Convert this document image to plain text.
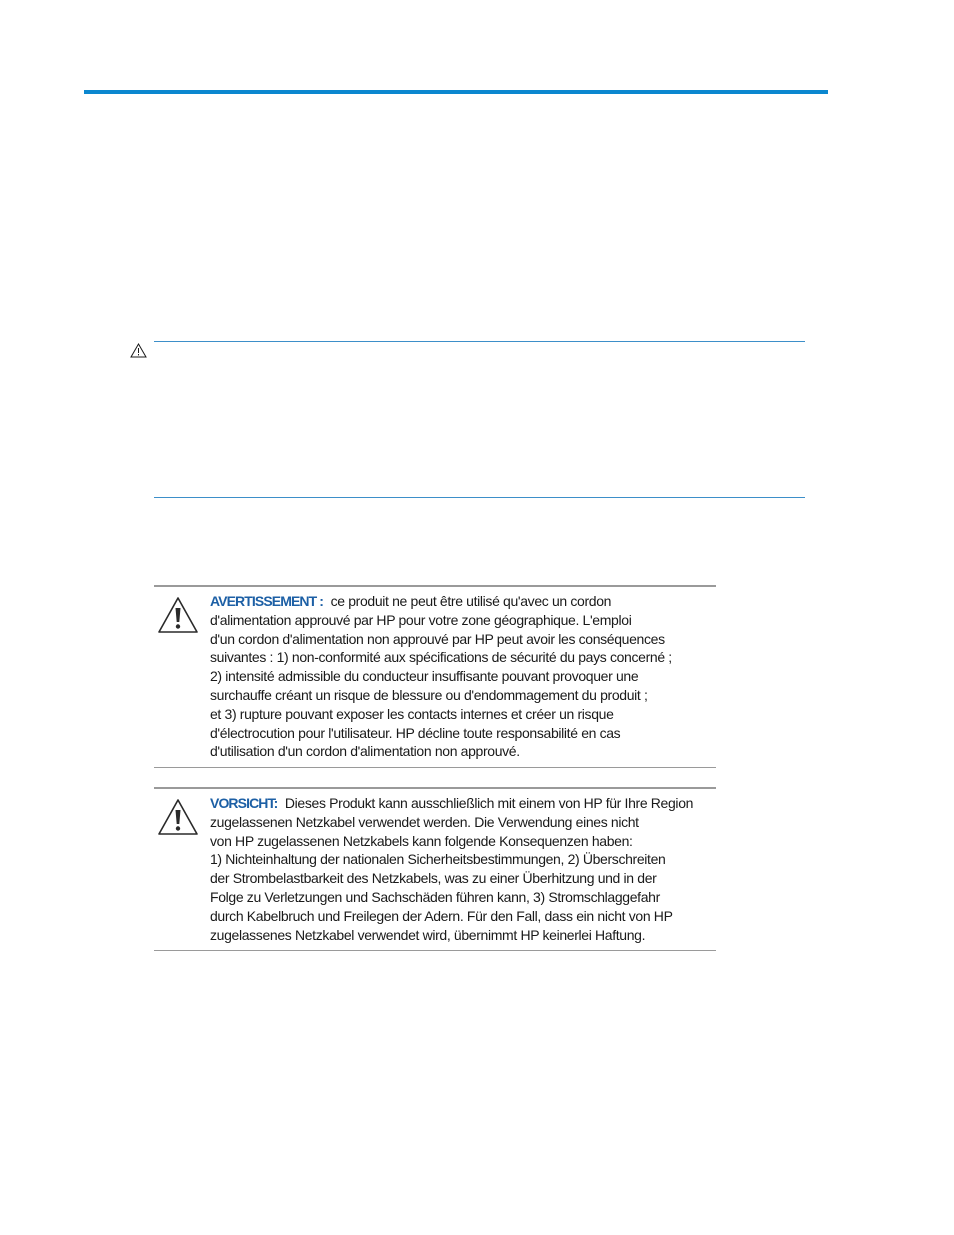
AVERTISSEMENT : ce produit ne peut être utilisé qu'avec un cordon
d'alimentation approuvé par HP pour votre zone géographique. L'emploi
d'un cordon d'alimentation non approuvé par HP peut avoir les conséquences
suivantes : 1) non-conformité aux spécifications de sécurité du pays concerné ;
2) intensité admissible du conducteur insuffisante pouvant provoquer une
surchauffe créant un risque de blessure ou d'endommagement du produit ;
et 3) rupture pouvant exposer les contacts internes et créer un risque
d'électrocution pour l'utilisateur. HP décline toute responsabilité en cas
d'utilisation d'un cordon d'alimentation non approuvé.
VORSICHT: Dieses Produkt kann ausschließlich mit einem von HP für Ihre Region
zugelassenen Netzkabel verwendet werden. Die Verwendung eines nicht
von HP zugelassenen Netzkabels kann folgende Konsequenzen haben:
1) Nichteinhaltung der nationalen Sicherheitsbestimmungen, 2) Überschreiten
der Strombelastbarkeit des Netzkabels, was zu einer Überhitzung und in der
Folge zu Verletzungen und Sachschäden führen kann, 3) Stromschlaggefahr
durch Kabelbruch und Freilegen der Adern. Für den Fall, dass ein nicht von HP
zugelassenes Netzkabel verwendet wird, übernimmt HP keinerlei Haftung.
